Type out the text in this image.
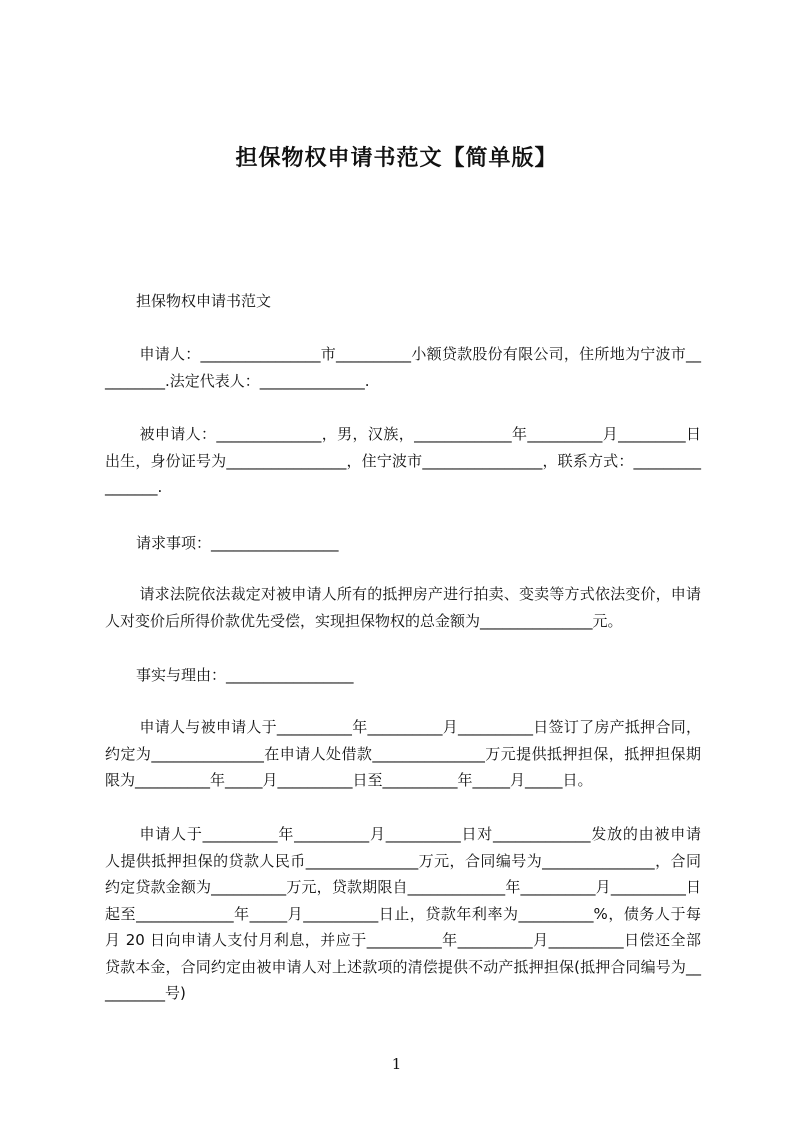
担保物权申请书范文【简单版】
担保物权申请书范文
申请人：________________市__________小额贷款股份有限公司，住所地为宁波市__________.法定代表人：______________.
被申请人：______________，男，汉族，_____________年__________月_________日出生，身份证号为________________，住宁波市________________，联系方式：________________.
请求事项：_________________
请求法院依法裁定对被申请人所有的抵押房产进行拍卖、变卖等方式依法变价，申请人对变价后所得价款优先受偿，实现担保物权的总金额为_______________元。
事实与理由：_________________
申请人与被申请人于__________年__________月__________日签订了房产抵押合同，约定为_______________在申请人处借款_______________万元提供抵押担保，抵押担保期限为__________年_____月__________日至__________年_____月_____日。
申请人于__________年__________月__________日对_____________发放的由被申请人提供抵押担保的贷款人民币_______________万元，合同编号为_______________，合同约定贷款金额为__________万元，贷款期限自_____________年__________月__________日起至_____________年_____月__________日止，贷款年利率为__________%，债务人于每月 20 日向申请人支付月利息，并应于__________年__________月__________日偿还全部贷款本金，合同约定由被申请人对上述款项的清偿提供不动产抵押担保(抵押合同编号为__________号)
1
